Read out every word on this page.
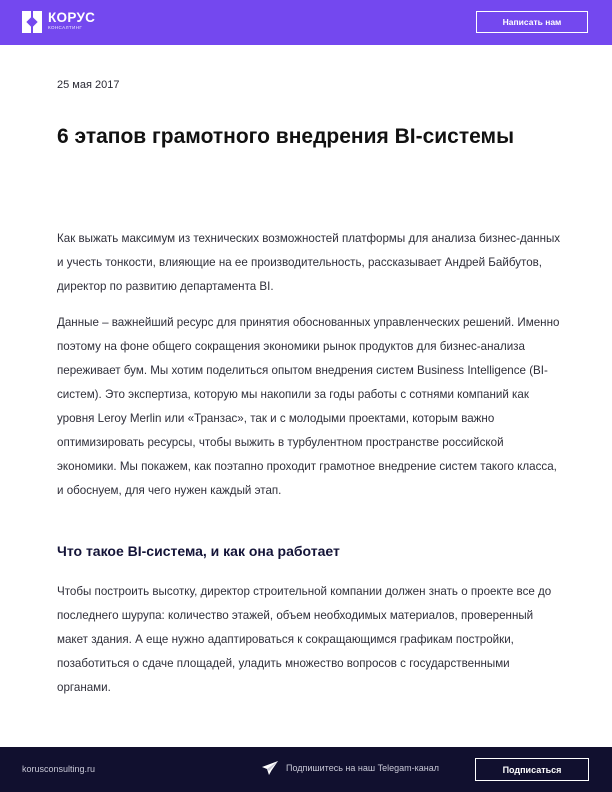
КОРУС
КОНСАЛТИНГ
Написать нам
25 мая 2017
6 этапов грамотного внедрения BI-системы

Как выжать максимум из технических возможностей платформы для анализа бизнес-данных и учесть тонкости, влияющие на ее производительность, рассказывает Андрей Байбутов, директор по развитию департамента BI.

Данные – важнейший ресурс для принятия обоснованных управленческих решений. Именно поэтому на фоне общего сокращения экономики рынок продуктов для бизнес-анализа переживает бум. Мы хотим поделиться опытом внедрения систем Business Intelligence (BI-систем). Это экспертиза, которую мы накопили за годы работы с сотнями компаний как уровня Leroy Merlin или «Транзас», так и с молодыми проектами, которым важно оптимизировать ресурсы, чтобы выжить в турбулентном пространстве российской экономики. Мы покажем, как поэтапно проходит грамотное внедрение систем такого класса, и обоснуем, для чего нужен каждый этап.

Что такое BI-система, и как она работает

Чтобы построить высотку, директор строительной компании должен знать о проекте все до последнего шурупа: количество этажей, объем необходимых материалов, проверенный макет здания. А еще нужно адаптироваться к сокращающимся графикам постройки, позаботиться о сдаче площадей, уладить множество вопросов с государственными органами.

korusconsulting.ru	Подпишитесь на наш Telegam-канал	Подписаться
